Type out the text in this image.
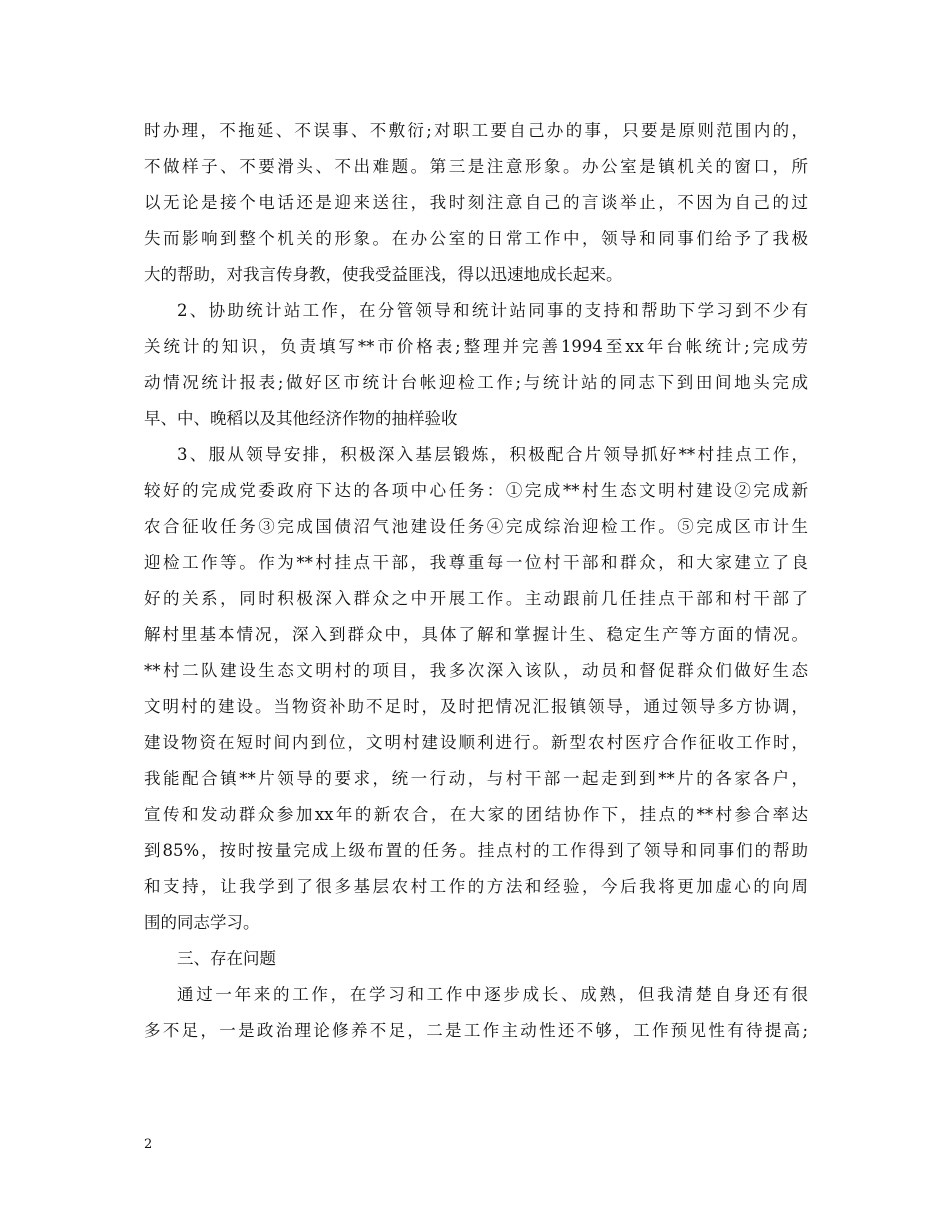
时办理，不拖延、不误事、不敷衍;对职工要自己办的事，只要是原则范围内的，
不做样子、不要滑头、不出难题。第三是注意形象。办公室是镇机关的窗口，所
以无论是接个电话还是迎来送往，我时刻注意自己的言谈举止，不因为自己的过
失而影响到整个机关的形象。在办公室的日常工作中，领导和同事们给予了我极
大的帮助，对我言传身教，使我受益匪浅，得以迅速地成长起来。
2、协助统计站工作，在分管领导和统计站同事的支持和帮助下学习到不少有
关统计的知识，负责填写**市价格表;整理并完善1994至xx年台帐统计;完成劳
动情况统计报表;做好区市统计台帐迎检工作;与统计站的同志下到田间地头完成
早、中、晚稻以及其他经济作物的抽样验收
3、服从领导安排，积极深入基层锻炼，积极配合片领导抓好**村挂点工作，
较好的完成党委政府下达的各项中心任务：①完成**村生态文明村建设②完成新
农合征收任务③完成国债沼气池建设任务④完成综治迎检工作。⑤完成区市计生
迎检工作等。作为**村挂点干部，我尊重每一位村干部和群众，和大家建立了良
好的关系，同时积极深入群众之中开展工作。主动跟前几任挂点干部和村干部了
解村里基本情况，深入到群众中，具体了解和掌握计生、稳定生产等方面的情况。
**村二队建设生态文明村的项目，我多次深入该队，动员和督促群众们做好生态
文明村的建设。当物资补助不足时，及时把情况汇报镇领导，通过领导多方协调，
建设物资在短时间内到位，文明村建设顺利进行。新型农村医疗合作征收工作时，
我能配合镇**片领导的要求，统一行动，与村干部一起走到到**片的各家各户，
宣传和发动群众参加xx年的新农合，在大家的团结协作下，挂点的**村参合率达
到85%，按时按量完成上级布置的任务。挂点村的工作得到了领导和同事们的帮助
和支持，让我学到了很多基层农村工作的方法和经验，今后我将更加虚心的向周
围的同志学习。
三、存在问题
通过一年来的工作，在学习和工作中逐步成长、成熟，但我清楚自身还有很
多不足，一是政治理论修养不足，二是工作主动性还不够，工作预见性有待提高;
2
